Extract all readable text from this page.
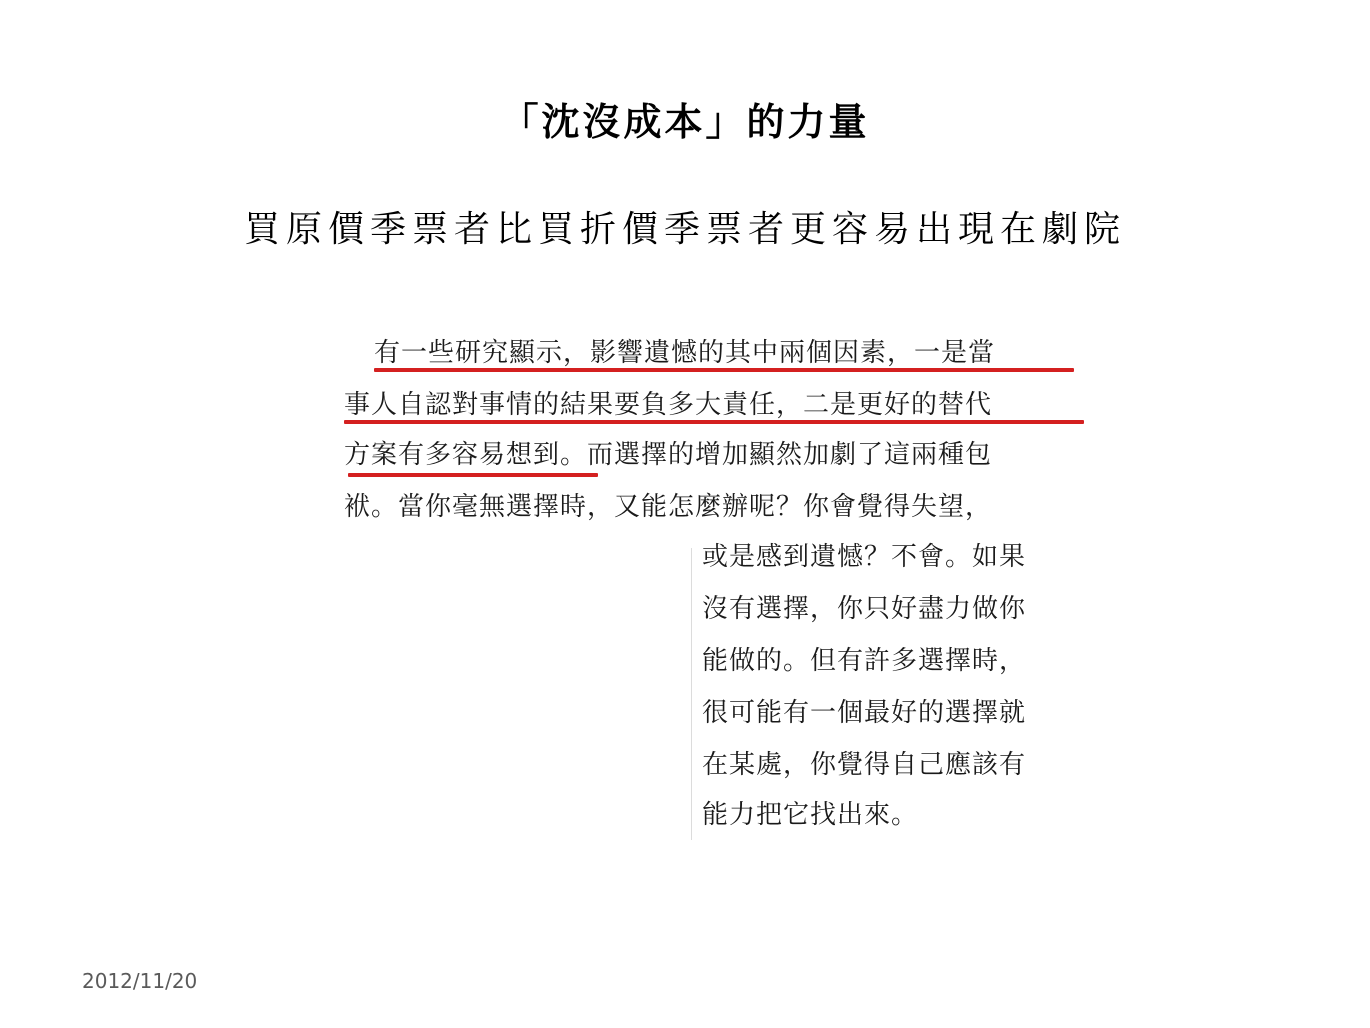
「沈沒成本」的力量
買原價季票者比買折價季票者更容易出現在劇院
有一些研究顯示，影響遺憾的其中兩個因素，一是當
事人自認對事情的結果要負多大責任，二是更好的替代
方案有多容易想到。而選擇的增加顯然加劇了這兩種包
袱。當你毫無選擇時，又能怎麼辦呢？你會覺得失望，
或是感到遺憾？不會。如果
沒有選擇，你只好盡力做你
能做的。但有許多選擇時，
很可能有一個最好的選擇就
在某處，你覺得自己應該有
能力把它找出來。
2012/11/20
